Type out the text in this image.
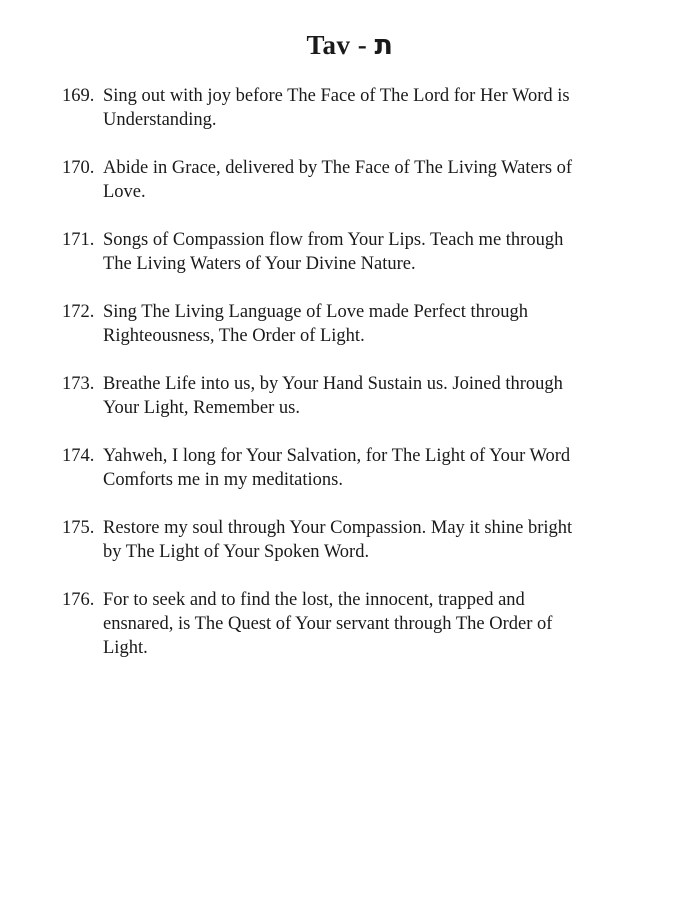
Tav - ת
169. Sing out with joy before The Face of The Lord for Her Word is
Understanding.
170. Abide in Grace, delivered by The Face of The Living Waters of
Love.
171. Songs of Compassion flow from Your Lips. Teach me through
The Living Waters of Your Divine Nature.
172. Sing The Living Language of Love made Perfect through
Righteousness, The Order of Light.
173. Breathe Life into us, by Your Hand Sustain us. Joined through
Your Light, Remember us.
174. Yahweh, I long for Your Salvation, for The Light of Your Word
Comforts me in my meditations.
175. Restore my soul through Your Compassion. May it shine bright
by The Light of Your Spoken Word.
176. For to seek and to find the lost, the innocent, trapped and
ensnared, is The Quest of Your servant through The Order of
Light.
